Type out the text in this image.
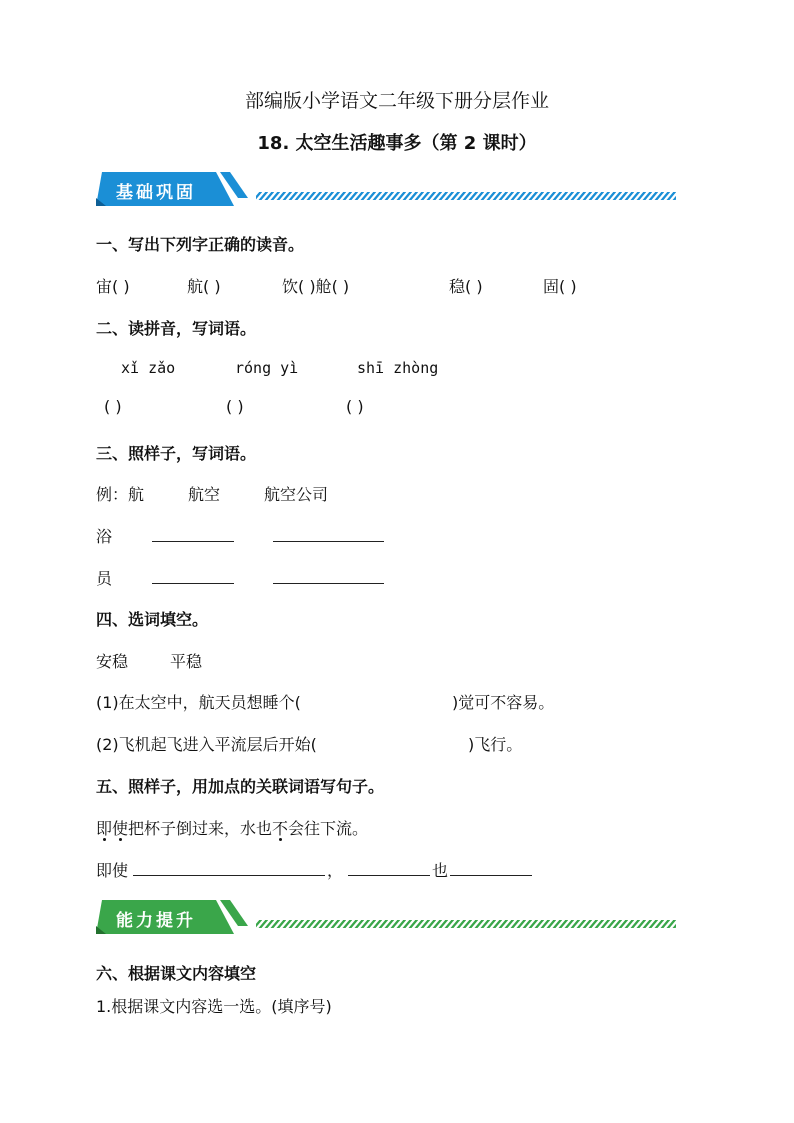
部编版小学语文二年级下册分层作业
18. 太空生活趣事多（第 2 课时）
基础巩固
一、写出下列字正确的读音。
宙( )	航( )	饮( )舱( )	稳( )	固( )
二、读拼音，写词语。
xǐ zǎo	róng yì	shī zhòng
( )	( )	( )
三、照样子，写词语。
例：航	航空	航空公司
浴
员
四、选词填空。
安稳	平稳
(1)在太空中，航天员想睡个(	)觉可不容易。
(2)飞机起飞进入平流层后开始(	)飞行。
五、照样子，用加点的关联词语写句子。
即使把杯子倒过来，水也不会往下流。
即使	，	也
能力提升
六、根据课文内容填空
1.根据课文内容选一选。(填序号)
